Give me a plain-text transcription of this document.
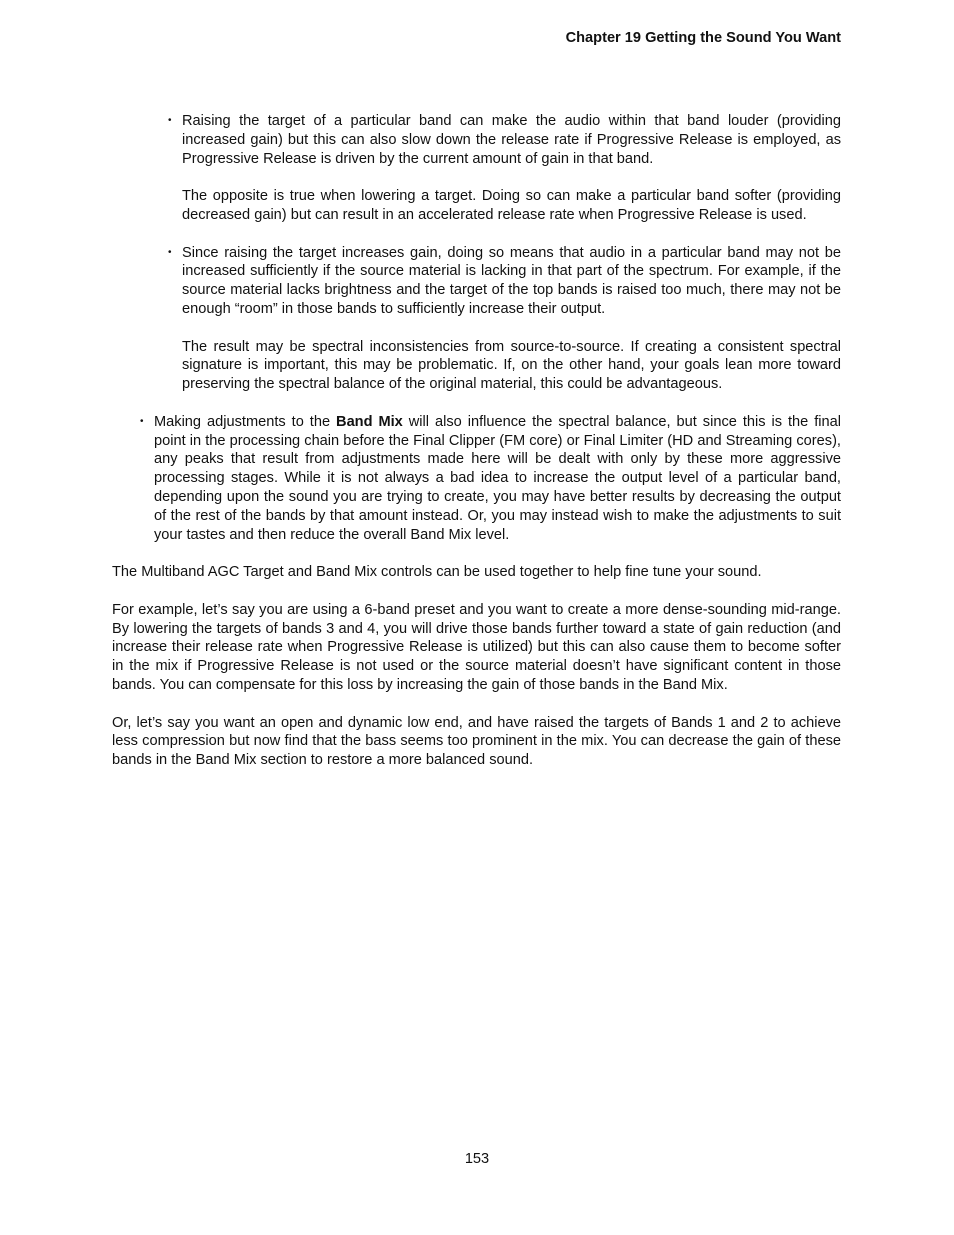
Chapter 19 Getting the Sound You Want
• Raising the target of a particular band can make the audio within that band louder (providing increased gain) but this can also slow down the release rate if Progressive Release is employed, as Progressive Release is driven by the current amount of gain in that band.

The opposite is true when lowering a target. Doing so can make a particular band softer (providing decreased gain) but can result in an accelerated release rate when Progressive Release is used.

• Since raising the target increases gain, doing so means that audio in a particular band may not be increased sufficiently if the source material is lacking in that part of the spectrum. For example, if the source material lacks brightness and the target of the top bands is raised too much, there may not be enough “room” in those bands to sufficiently increase their output.

The result may be spectral inconsistencies from source-to-source. If creating a consistent spectral signature is important, this may be problematic. If, on the other hand, your goals lean more toward preserving the spectral balance of the original material, this could be advantageous.

• Making adjustments to the Band Mix will also influence the spectral balance, but since this is the final point in the processing chain before the Final Clipper (FM core) or Final Limiter (HD and Streaming cores), any peaks that result from adjustments made here will be dealt with only by these more aggressive processing stages. While it is not always a bad idea to increase the output level of a particular band, depending upon the sound you are trying to create, you may have better results by decreasing the output of the rest of the bands by that amount instead. Or, you may instead wish to make the adjustments to suit your tastes and then reduce the overall Band Mix level.

The Multiband AGC Target and Band Mix controls can be used together to help fine tune your sound.

For example, let’s say you are using a 6-band preset and you want to create a more dense-sounding mid-range. By lowering the targets of bands 3 and 4, you will drive those bands further toward a state of gain reduction (and increase their release rate when Progressive Release is utilized) but this can also cause them to become softer in the mix if Progressive Release is not used or the source material doesn’t have significant content in those bands. You can compensate for this loss by increasing the gain of those bands in the Band Mix.

Or, let’s say you want an open and dynamic low end, and have raised the targets of Bands 1 and 2 to achieve less compression but now find that the bass seems too prominent in the mix. You can decrease the gain of these bands in the Band Mix section to restore a more balanced sound.

153
